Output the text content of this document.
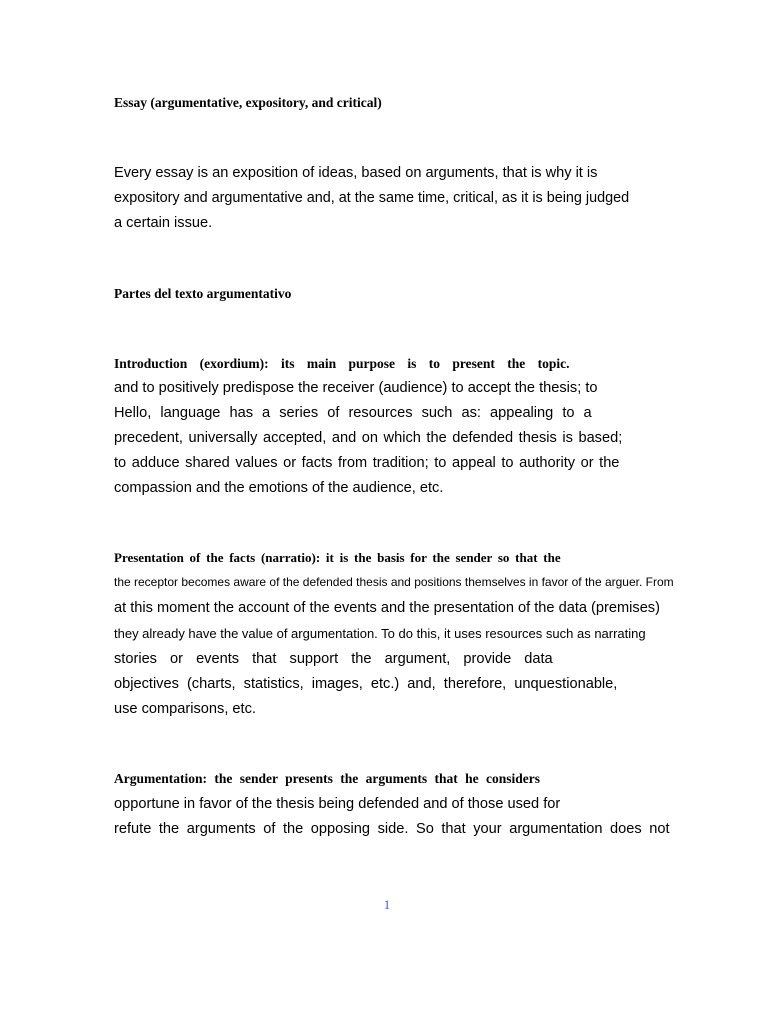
Essay (argumentative, expository, and critical)
Every essay is an exposition of ideas, based on arguments, that is why it is
expository and argumentative and, at the same time, critical, as it is being judged
a certain issue.
Partes del texto argumentativo
Introduction (exordium): its main purpose is to present the topic.
and to positively predispose the receiver (audience) to accept the thesis; to
Hello, language has a series of resources such as: appealing to a
precedent, universally accepted, and on which the defended thesis is based;
to adduce shared values or facts from tradition; to appeal to authority or the
compassion and the emotions of the audience, etc.
Presentation of the facts (narratio): it is the basis for the sender so that the
the receptor becomes aware of the defended thesis and positions themselves in favor of the arguer. From
at this moment the account of the events and the presentation of the data (premises)
they already have the value of argumentation. To do this, it uses resources such as narrating
stories or events that support the argument, provide data
objectives (charts, statistics, images, etc.) and, therefore, unquestionable,
use comparisons, etc.
Argumentation: the sender presents the arguments that he considers
opportune in favor of the thesis being defended and of those used for
refute the arguments of the opposing side. So that your argumentation does not
1
